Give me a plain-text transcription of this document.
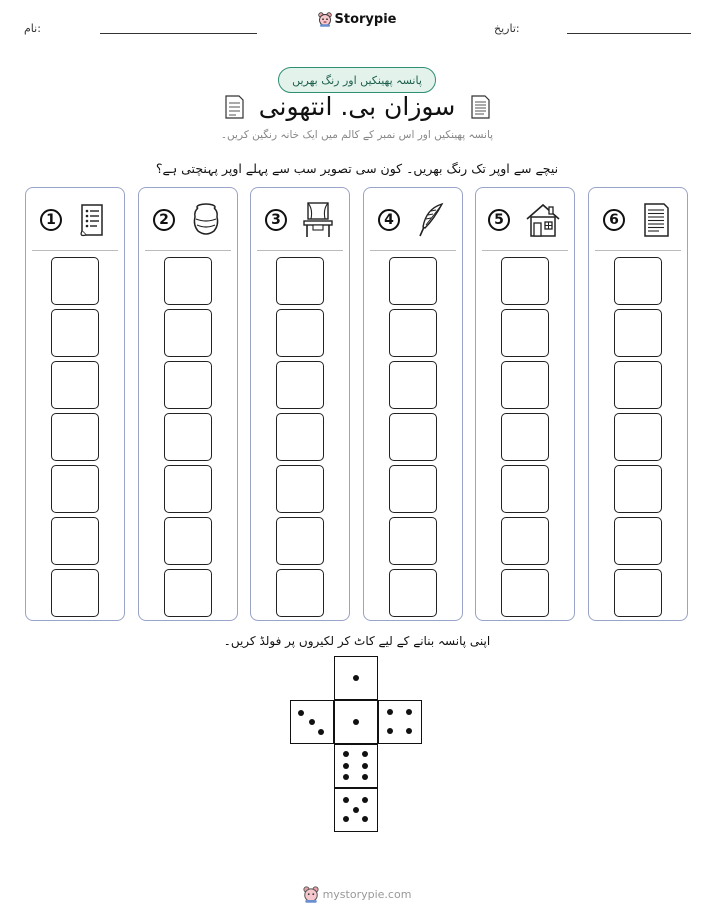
نام:	تاریخ:
Storypie
پانسہ پھینکیں اور رنگ بھریں
سوزان بی. انتھونی
پانسہ پھینکیں اور اس نمبر کے کالم میں ایک خانہ رنگین کریں۔
نیچے سے اوپر تک رنگ بھریں۔ کون سی تصویر سب سے پہلے اوپر پہنچتی ہے؟
1	2	3	4	5	6
اپنی پانسہ بنانے کے لیے کاٹ کر لکیروں پر فولڈ کریں۔
mystorypie.com
